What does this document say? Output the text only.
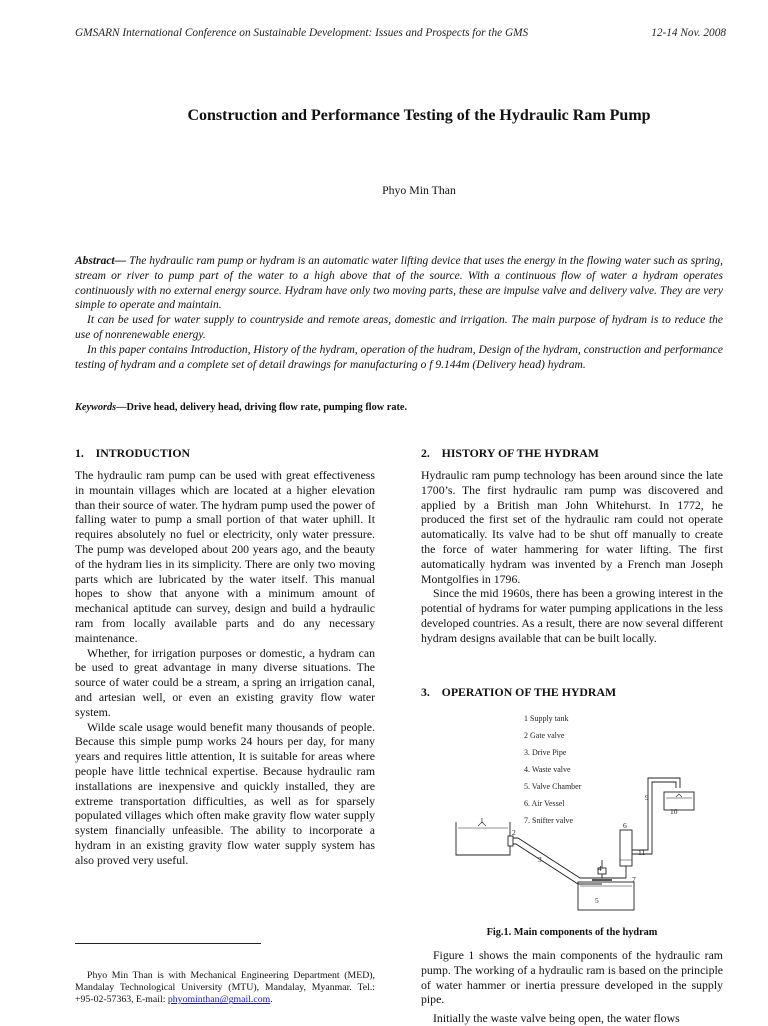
GMSARN International Conference on Sustainable Development: Issues and Prospects for the GMS	12-14 Nov. 2008
Construction and Performance Testing of the Hydraulic Ram Pump
Phyo Min Than

Abstract— The hydraulic ram pump or hydram is an automatic water lifting device that uses the energy in the flowing water such as spring, stream or river to pump part of the water to a high above that of the source. With a continuous flow of water a hydram operates continuously with no external energy source. Hydram have only two moving parts, these are impulse valve and delivery valve. They are very simple to operate and maintain.

It can be used for water supply to countryside and remote areas, domestic and irrigation. The main purpose of hydram is to reduce the use of nonrenewable energy.

In this paper contains Introduction, History of the hydram, operation of the hudram, Design of the hydram, construction and performance testing of hydram and a complete set of detail drawings for manufacturing o f 9.144m (Delivery head) hydram.

Keywords—Drive head, delivery head, driving flow rate, pumping flow rate.
1.    INTRODUCTION

The hydraulic ram pump can be used with great effectiveness in mountain villages which are located at a higher elevation than their source of water. The hydram pump used the power of falling water to pump a small portion of that water uphill. It requires absolutely no fuel or electricity, only water pressure. The pump was developed about 200 years ago, and the beauty of the hydram lies in its simplicity. There are only two moving parts which are lubricated by the water itself. This manual hopes to show that anyone with a minimum amount of mechanical aptitude can survey, design and build a hydraulic ram from locally available parts and do any necessary maintenance.

Whether, for irrigation purposes or domestic, a hydram can be used to great advantage in many diverse situations. The source of water could be a stream, a spring an irrigation canal, and artesian well, or even an existing gravity flow water system.

Wilde scale usage would benefit many thousands of people. Because this simple pump works 24 hours per day, for many years and requires little attention, It is suitable for areas where people have little technical expertise. Because hydraulic ram installations are inexpensive and quickly installed, they are extreme transportation difficulties, as well as for sparsely populated villages which often make gravity flow water supply system financially unfeasible. The ability to incorporate a hydram in an existing gravity flow water supply system has also proved very useful.

2.    HISTORY OF THE HYDRAM

Hydraulic ram pump technology has been around since the late 1700’s. The first hydraulic ram pump was discovered and applied by a British man John Whitehurst. In 1772, he produced the first set of the hydraulic ram could not operate automatically. Its valve had to be shut off manually to create the force of water hammering for water lifting. The first automatically hydram was invented by a French man Joseph Montgolfies in 1796.

Since the mid 1960s, there has been a growing interest in the potential of hydrams for water pumping applications in the less developed countries. As a result, there are now several different hydram designs available that can be built locally.

3.    OPERATION OF THE HYDRAM
1 Supply tank
2 Gate valve
3. Drive Pipe
4. Waste valve
5. Valve Chamber
6. Air Vessel
7. Snifter valve
1
2
3
4
5
6
7
9
10
11
Fig.1. Main components of the hydram

Figure 1 shows the main components of the hydraulic ram pump. The working of a hydraulic ram is based on the principle of water hammer or inertia pressure developed in the supply pipe.

Initially the waste valve being open, the water flows

Phyo Min Than is with Mechanical Engineering Department (MED), Mandalay Technological University (MTU), Mandalay, Myanmar. Tel.: +95-02-57363, E-mail: phyominthan@gmail.com.
